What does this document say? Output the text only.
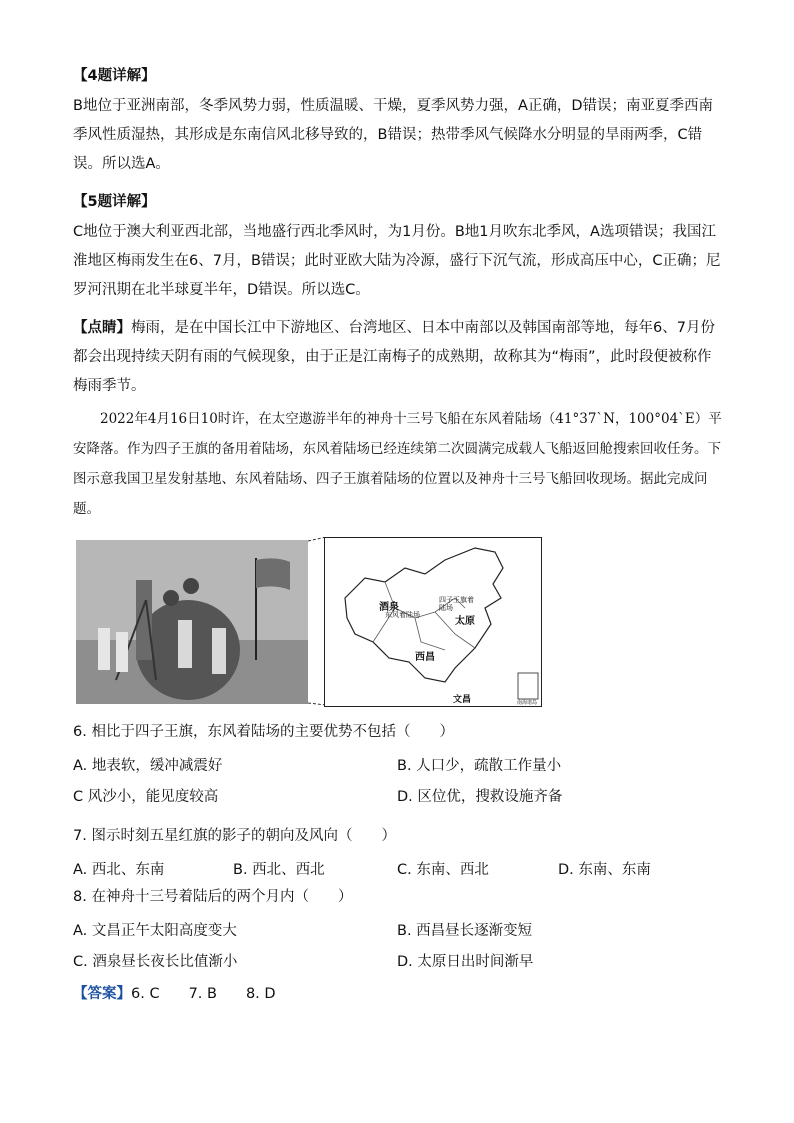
【4题详解】

B地位于亚洲南部，冬季风势力弱，性质温暖、干燥，夏季风势力强，A正确，D错误；南亚夏季西南季风性质湿热，其形成是东南信风北移导致的，B错误；热带季风气候降水分明显的旱雨两季，C错误。所以选A。

【5题详解】

C地位于澳大利亚西北部，当地盛行西北季风时，为1月份。B地1月吹东北季风，A选项错误；我国江淮地区梅雨发生在6、7月，B错误；此时亚欧大陆为冷源，盛行下沉气流，形成高压中心，C正确；尼罗河汛期在北半球夏半年，D错误。所以选C。

【点睛】梅雨，是在中国长江中下游地区、台湾地区、日本中南部以及韩国南部等地，每年6、7月份都会出现持续天阴有雨的气候现象，由于正是江南梅子的成熟期，故称其为“梅雨”，此时段便被称作梅雨季节。

2022年4月16日10时许，在太空遨游半年的神舟十三号飞船在东风着陆场（41°37`N，100°04`E）平安降落。作为四子王旗的备用着陆场，东风着陆场已经连续第二次圆满完成载人飞船返回舱搜索回收任务。下图示意我国卫星发射基地、东风着陆场、四子王旗着陆场的位置以及神舟十三号飞船回收现场。据此完成问题。

酒泉
东风着陆场
四子王旗着陆场
太原
西昌
文昌	南海诸岛
6. 相比于四子王旗，东风着陆场的主要优势不包括（　　）
A. 地表软，缓冲减震好	B. 人口少，疏散工作量小
C 风沙小，能见度较高	D. 区位优，搜救设施齐备
7. 图示时刻五星红旗的影子的朝向及风向（　　）
A. 西北、东南	B. 西北、西北	C. 东南、西北	D. 东南、东南
8. 在神舟十三号着陆后的两个月内（　　）
A. 文昌正午太阳高度变大	B. 西昌昼长逐渐变短
C. 酒泉昼长夜长比值渐小	D. 太原日出时间渐早
【答案】6. C　　7. B　　8. D
